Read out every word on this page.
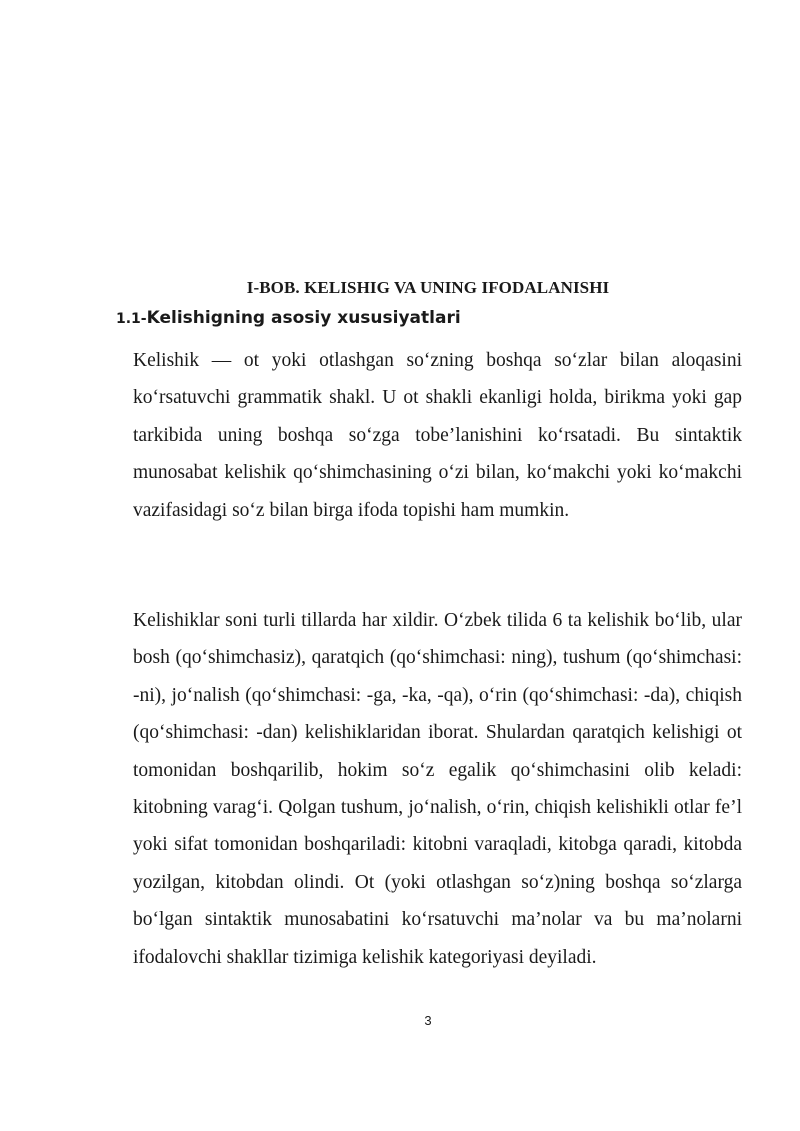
I-BOB. KELISHIG VA UNING IFODALANISHI
1.1-Kelishigning asosiy xususiyatlari

Kelishik — ot yoki otlashgan so‘zning boshqa so‘zlar bilan aloqasini ko‘rsatuvchi grammatik shakl. U ot shakli ekanligi holda, birikma yoki gap tarkibida uning boshqa so‘zga tobe’lanishini ko‘rsatadi. Bu sintaktik munosabat kelishik qo‘shimchasining o‘zi bilan, ko‘makchi yoki ko‘makchi vazifasidagi so‘z bilan birga ifoda topishi ham mumkin.

Kelishiklar soni turli tillarda har xildir. O‘zbek tilida 6 ta kelishik bo‘lib, ular bosh (qo‘shimchasiz), qaratqich (qo‘shimchasi: ning), tushum (qo‘shimchasi: -ni), jo‘nalish (qo‘shimchasi: -ga, -ka, -qa), o‘rin (qo‘shimchasi: -da), chiqish (qo‘shimchasi: -dan) kelishiklaridan iborat. Shulardan qaratqich kelishigi ot tomonidan boshqarilib, hokim so‘z egalik qo‘shimchasini olib keladi: kitobning varag‘i. Qolgan tushum, jo‘nalish, o‘rin, chiqish kelishikli otlar fe’l yoki sifat tomonidan boshqariladi: kitobni varaqladi, kitobga qaradi, kitobda yozilgan, kitobdan olindi. Ot (yoki otlashgan so‘z)ning boshqa so‘zlarga bo‘lgan sintaktik munosabatini ko‘rsatuvchi ma’nolar va bu ma’nolarni ifodalovchi shakllar tizimiga kelishik kategoriyasi deyiladi.

3
